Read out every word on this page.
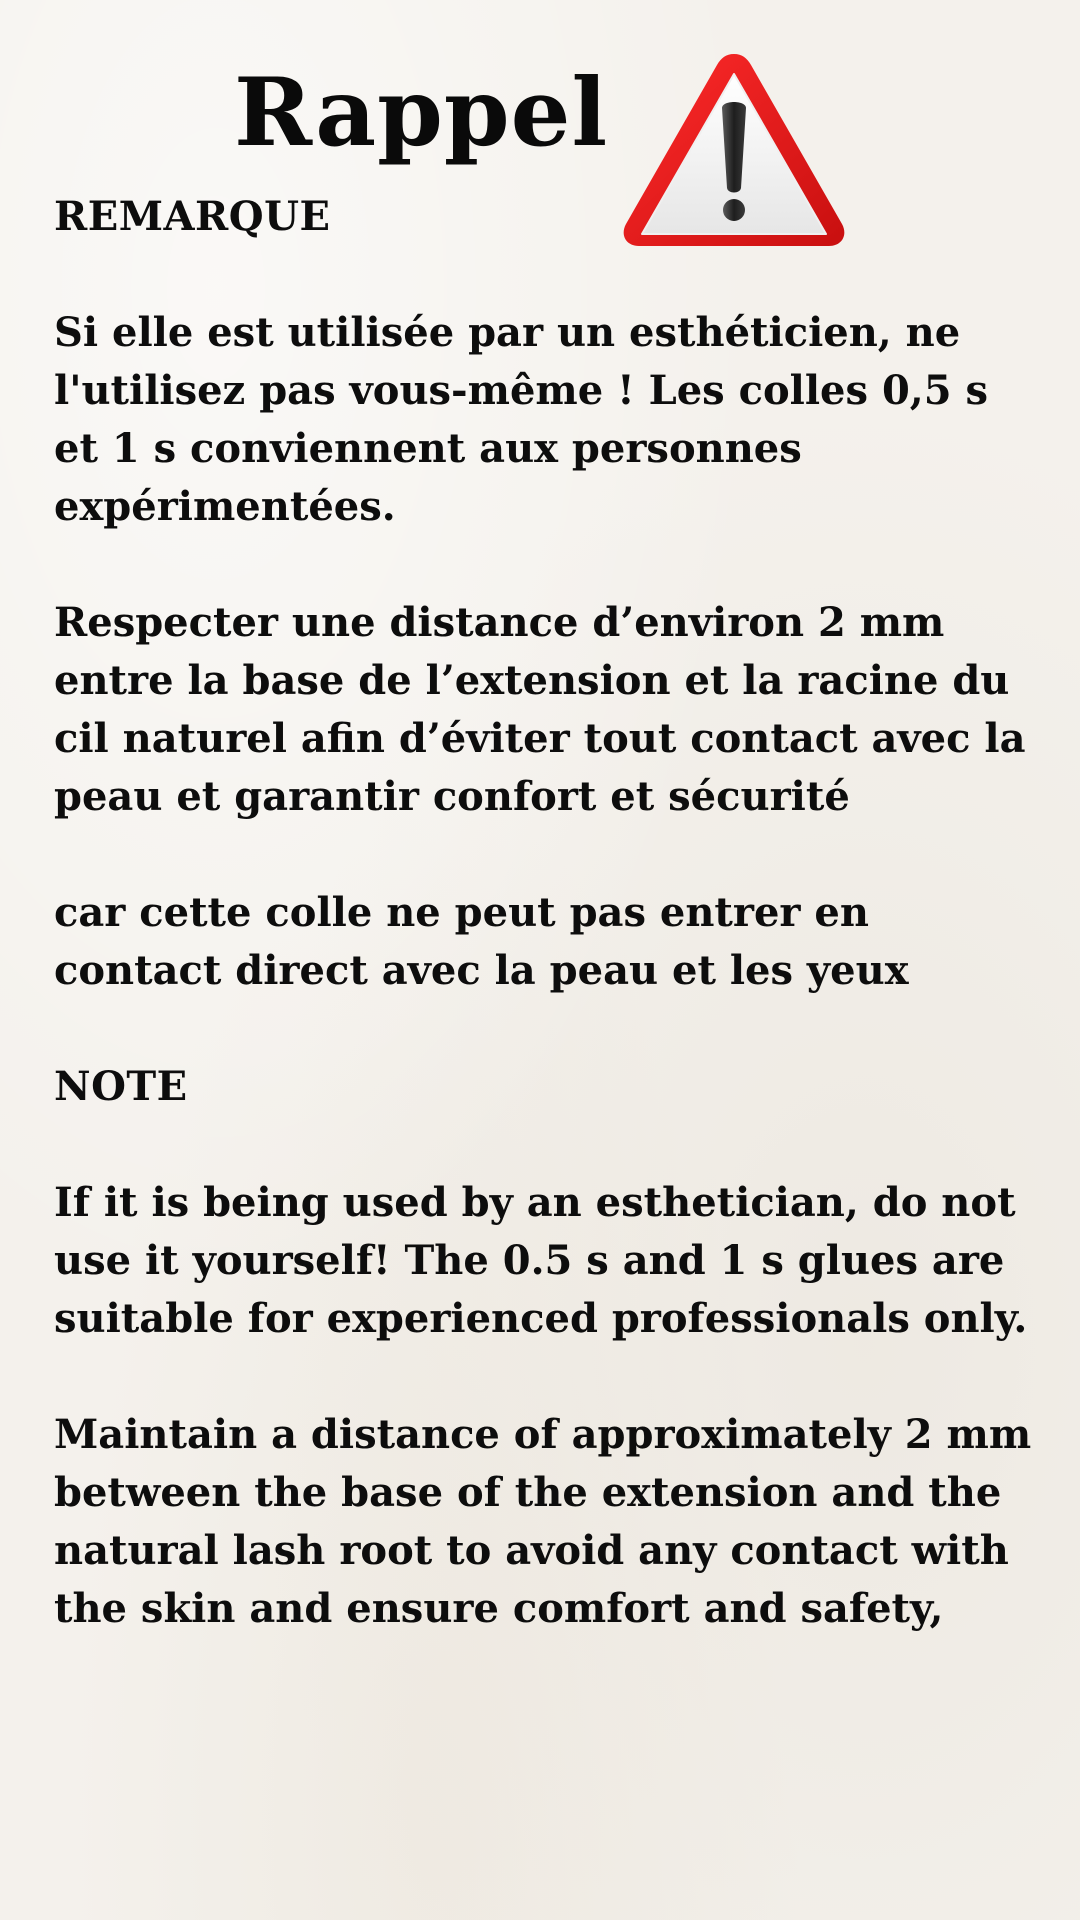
Rappel

REMARQUE

Si elle est utilisée par un esthéticien, ne l'utilisez pas vous-même ! Les colles 0,5 s et 1 s conviennent aux personnes expérimentées.

Respecter une distance d’environ 2 mm entre la base de l’extension et la racine du cil naturel afin d’éviter tout contact avec la peau et garantir confort et sécurité

car cette colle ne peut pas entrer en contact direct avec la peau et les yeux

NOTE

If it is being used by an esthetician, do not use it yourself! The 0.5 s and 1 s glues are suitable for experienced professionals only.

Maintain a distance of approximately 2 mm between the base of the extension and the natural lash root to avoid any contact with the skin and ensure comfort and safety,
